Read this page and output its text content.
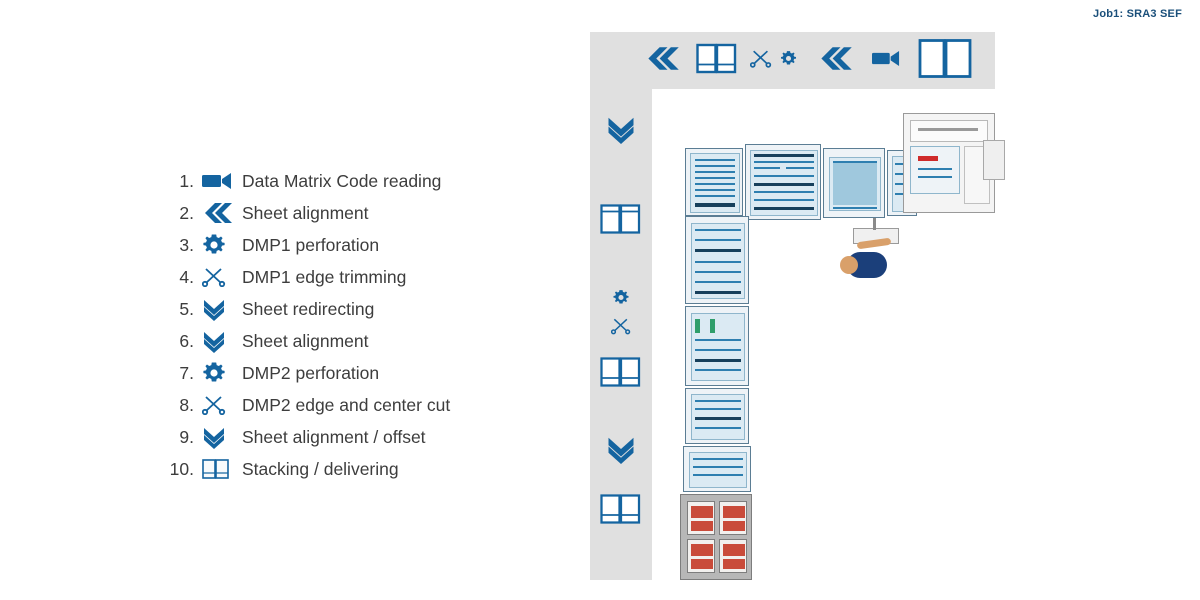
1.	Data Matrix Code reading
2.	Sheet alignment
3.	DMP1 perforation
4.	DMP1 edge trimming
5.	Sheet redirecting
6.	Sheet alignment
7.	DMP2 perforation
8.	DMP2 edge and center cut
9.	Sheet alignment / offset
10.	Stacking / delivering
Job1: SRA3 SEF
